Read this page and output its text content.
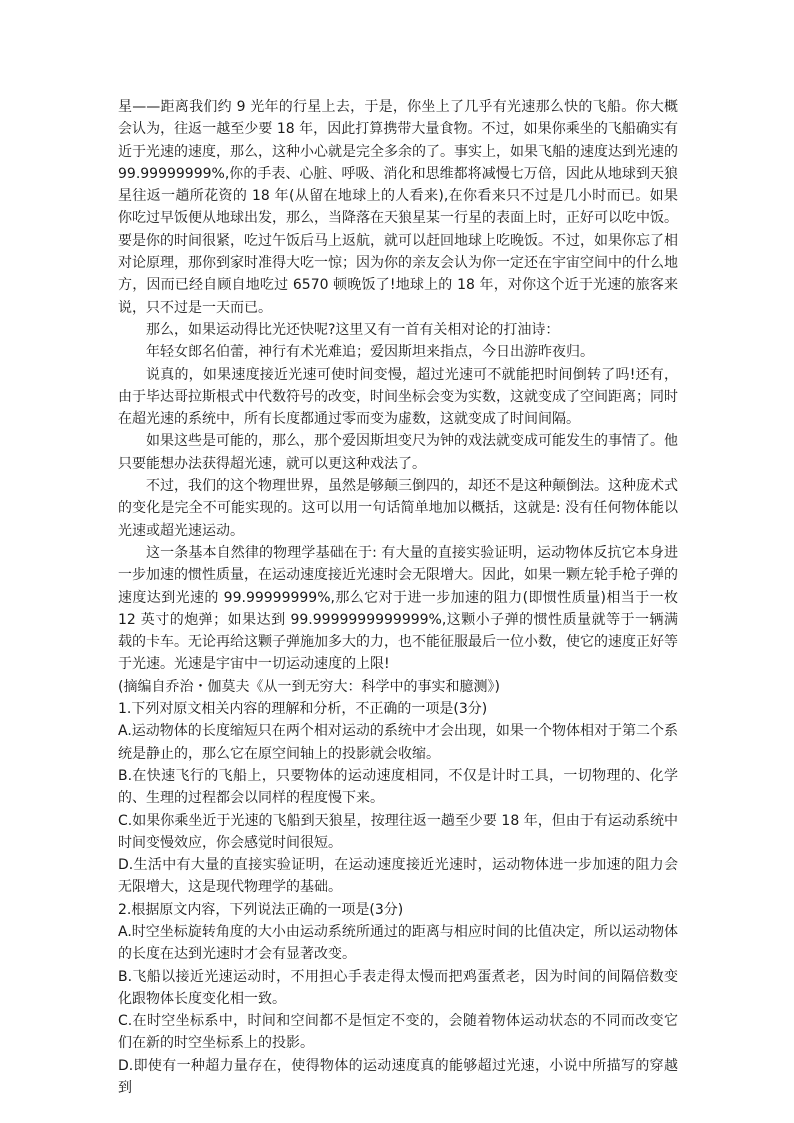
星——距离我们约 9 光年的行星上去，于是，你坐上了几乎有光速那么快的飞船。你大概会认为，往返一越至少要 18 年，因此打算携带大量食物。不过，如果你乘坐的飞船确实有近于光速的速度，那么，这种小心就是完全多余的了。事实上，如果飞船的速度达到光速的 99.99999999%,你的手表、心脏、呼吸、消化和思维都将减慢七万倍，因此从地球到天狼星往返一趟所花资的 18 年(从留在地球上的人看来),在你看来只不过是几小时而已。如果你吃过早饭便从地球出发，那么，当降落在天狼星某一行星的表面上时，正好可以吃中饭。要是你的时间很紧，吃过午饭后马上返航，就可以赶回地球上吃晚饭。不过，如果你忘了相对论原理，那你到家时准得大吃一惊；因为你的亲友会认为你一定还在宇宙空间中的什么地方，因而已经自顾自地吃过 6570 顿晚饭了!地球上的 18 年，对你这个近于光速的旅客来说，只不过是一天而已。

那么，如果运动得比光还快呢?这里又有一首有关相对论的打油诗：

年轻女郎名伯蕾，神行有术光难追；爱因斯坦来指点，今日出游昨夜归。

说真的，如果速度接近光速可使时间变慢，超过光速可不就能把时间倒转了吗!还有，由于毕达哥拉斯根式中代数符号的改变，时间坐标会变为实数，这就变成了空间距离；同时在超光速的系统中，所有长度都通过零而变为虚数，这就变成了时间间隔。

如果这些是可能的，那么，那个爱因斯坦变尺为钟的戏法就变成可能发生的事情了。他只要能想办法获得超光速，就可以更这种戏法了。

不过，我们的这个物理世界，虽然是够颠三倒四的，却还不是这种颠倒法。这种庞术式的变化是完全不可能实现的。这可以用一句话简单地加以概括，这就是: 没有任何物体能以光速或超光速运动。

这一条基本自然律的物理学基础在于: 有大量的直接实验证明，运动物体反抗它本身进一步加速的惯性质量，在运动速度接近光速时会无限增大。因此，如果一颗左轮手枪子弹的速度达到光速的 99.99999999%,那么它对于进一步加速的阻力(即惯性质量)相当于一枚 12 英寸的炮弹；如果达到 99.9999999999999%,这颗小子弹的惯性质量就等于一辆满载的卡车。无论再给这颗子弹施加多大的力，也不能征服最后一位小数，使它的速度正好等于光速。光速是宇宙中一切运动速度的上限!

(摘编自乔治・伽莫夫《从一到无穷大：科学中的事实和臆测》)

1.下列对原文相关内容的理解和分析，不正确的一项是(3分)

A.运动物体的长度缩短只在两个相对运动的系统中才会出现，如果一个物体相对于第二个系统是静止的，那么它在原空间轴上的投影就会收缩。

B.在快速飞行的飞船上，只要物体的运动速度相同，不仅是计时工具，一切物理的、化学的、生理的过程都会以同样的程度慢下来。

C.如果你乘坐近于光速的飞船到天狼星，按理往返一趟至少要 18 年，但由于有运动系统中时间变慢效应，你会感觉时间很短。

D.生活中有大量的直接实验证明，在运动速度接近光速时，运动物体进一步加速的阻力会无限增大，这是现代物理学的基础。

2.根据原文内容，下列说法正确的一项是(3分)

A.时空坐标旋转角度的大小由运动系统所通过的距离与相应时间的比值决定，所以运动物体的长度在达到光速时才会有显著改变。

B.飞船以接近光速运动时，不用担心手表走得太慢而把鸡蛋煮老，因为时间的间隔倍数变化跟物体长度变化相一致。

C.在时空坐标系中，时间和空间都不是恒定不变的，会随着物体运动状态的不同而改变它们在新的时空坐标系上的投影。

D.即使有一种超力量存在，使得物体的运动速度真的能够超过光速，小说中所描写的穿越到
